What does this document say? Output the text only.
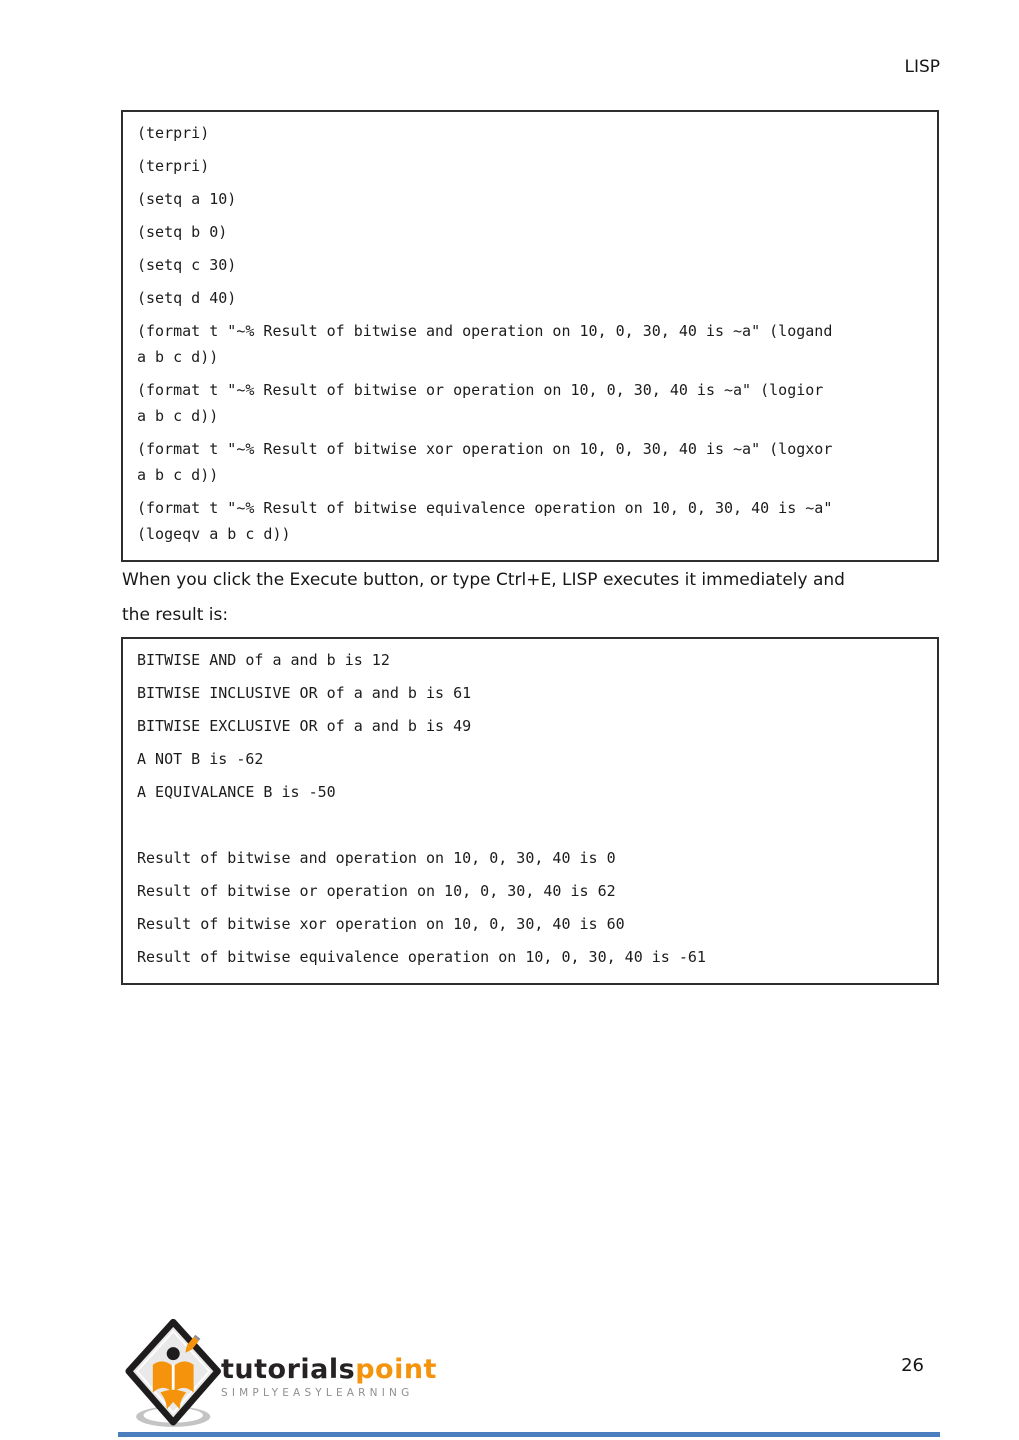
LISP
(terpri)
(terpri)
(setq a 10)
(setq b 0)
(setq c 30)
(setq d 40)
(format t "~% Result of bitwise and operation on 10, 0, 30, 40 is ~a" (logand
a b c d))
(format t "~% Result of bitwise or operation on 10, 0, 30, 40 is ~a" (logior
a b c d))
(format t "~% Result of bitwise xor operation on 10, 0, 30, 40 is ~a" (logxor
a b c d))
(format t "~% Result of bitwise equivalence operation on 10, 0, 30, 40 is ~a"
(logeqv a b c d))
When you click the Execute button, or type Ctrl+E, LISP executes it immediately and
the result is:
BITWISE AND of a and b is 12
BITWISE INCLUSIVE OR of a and b is 61
BITWISE EXCLUSIVE OR of a and b is 49
A NOT B is -62
A EQUIVALANCE B is -50
Result of bitwise and operation on 10, 0, 30, 40 is 0
Result of bitwise or operation on 10, 0, 30, 40 is 62
Result of bitwise xor operation on 10, 0, 30, 40 is 60
Result of bitwise equivalence operation on 10, 0, 30, 40 is -61
tutorialspoint
SIMPLYEASYLEARNING
26
